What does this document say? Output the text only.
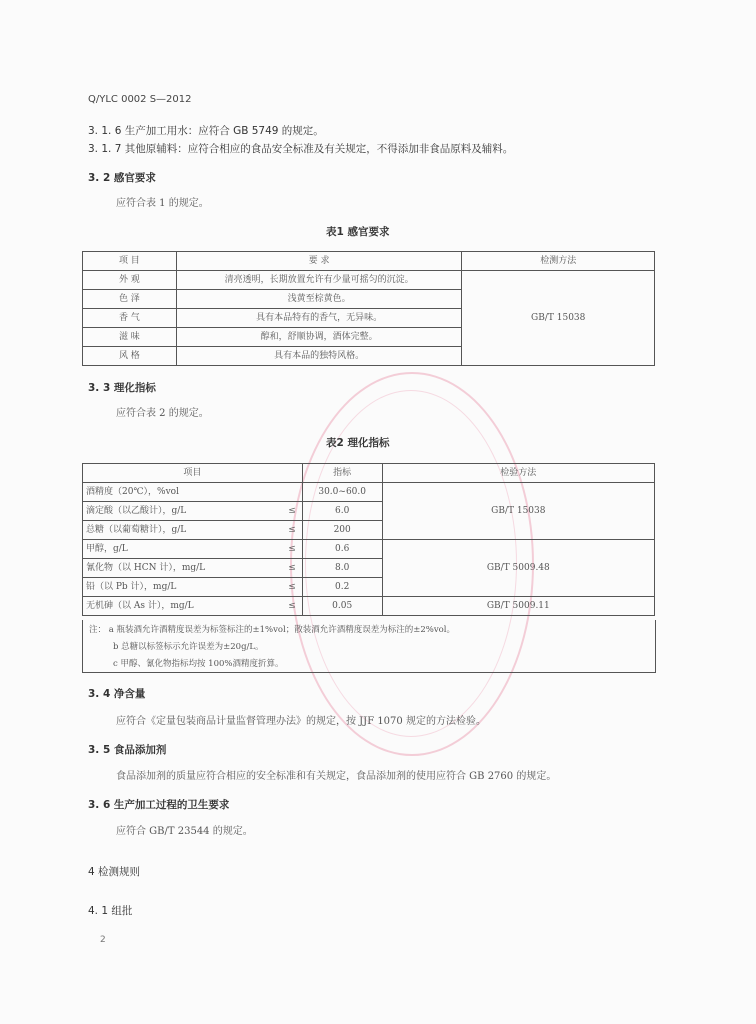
Q/YLC 0002 S—2012
3. 1. 6 生产加工用水：应符合 GB 5749 的规定。
3. 1. 7 其他原辅料：应符合相应的食品安全标准及有关规定，不得添加非食品原料及辅料。
3. 2 感官要求
应符合表 1 的规定。
表1 感官要求
项 目	要 求	检测方法
外 观	清亮透明，长期放置允许有少量可摇匀的沉淀。	GB/T 15038
色 泽	浅黄至棕黄色。	
香 气	具有本品特有的香气，无异味。	
滋 味	醇和，舒顺协调，酒体完整。	
风 格	具有本品的独特风格。	
3. 3 理化指标
应符合表 2 的规定。
表2 理化指标
项目		指标	检验方法
酒精度（20℃），%vol		30.0~60.0	GB/T 15038
滴定酸（以乙酸计），g/L	≤	6.0	
总糖（以葡萄糖计），g/L	≤	200	
甲醇，g/L	≤	0.6	GB/T 5009.48
氰化物（以 HCN 计），mg/L	≤	8.0	
铅（以 Pb 计），mg/L	≤	0.2	
无机砷（以 As 计），mg/L	≤	0.05	GB/T 5009.11
注： a 瓶装酒允许酒精度误差为标签标注的±1%vol；散装酒允许酒精度误差为标注的±2%vol。
b 总糖以标签标示允许误差为±20g/L。
c 甲醇、氰化物指标均按 100%酒精度折算。
3. 4 净含量
应符合《定量包装商品计量监督管理办法》的规定，按 JJF 1070 规定的方法检验。
3. 5 食品添加剂
食品添加剂的质量应符合相应的安全标准和有关规定，食品添加剂的使用应符合 GB 2760 的规定。
3. 6 生产加工过程的卫生要求
应符合 GB/T 23544 的规定。
4 检测规则
4. 1 组批
2
